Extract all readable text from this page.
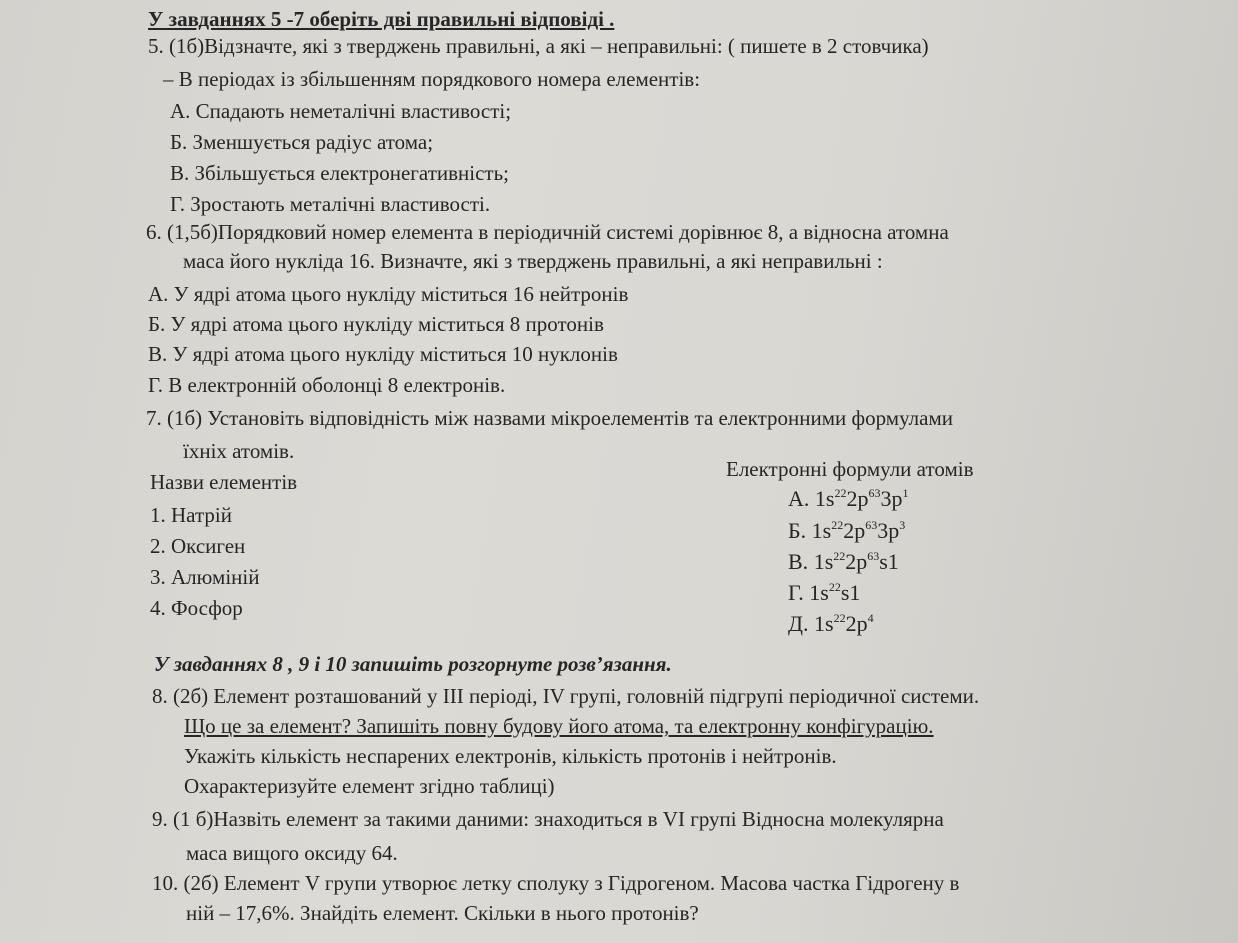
У завданнях 5 -7 оберіть дві правильні відповіді .
5. (1б)Відзначте, які з тверджень правильні, а які – неправильні: ( пишете в 2 стовчика)
– В періодах із збільшенням порядкового номера елементів:
А. Спадають неметалічні властивості;
Б. Зменшується радіус атома;
В. Збільшується електронегативність;
Г. Зростають металічні властивості.
6. (1,5б)Порядковий номер елемента в періодичній системі дорівнює 8, а відносна атомна
маса його нукліда 16. Визначте, які з тверджень правильні, а які неправильні :
А. У ядрі атома цього нукліду міститься 16 нейтронів
Б. У ядрі атома цього нукліду міститься 8 протонів
В. У ядрі атома цього нукліду міститься 10 нуклонів
Г. В електронній оболонці 8 електронів.
7. (1б) Установіть відповідність між назвами мікроелементів та електронними формулами
їхніх атомів.
Назви елементів
Електронні формули атомів
1. Натрій
2. Оксиген
3. Алюміній
4. Фосфор
А. $1s^{22}2p^{63}3p^1$
Б. $1s^{22}2p^{63}3p^3$
В. $1s^{22}2p^{63}s1$
Г. $1s^{22}s1$
Д. $1s^{22}2p^4$
У завданнях 8 , 9 і 10 запишіть розгорнуте розв’язання.
8. (2б) Елемент розташований у III періоді, IV групі, головній підгрупі періодичної системи.
Що це за елемент? Запишіть повну будову його атома, та електронну конфігурацію.
Укажіть кількість неспарених електронів, кількість протонів і нейтронів.
Охарактеризуйте елемент згідно таблиці)
9. (1 б)Назвіть елемент за такими даними: знаходиться в VI групі Відносна молекулярна
маса вищого оксиду 64.
10. (2б) Елемент V групи утворює летку сполуку з Гідрогеном. Масова частка Гідрогену в
ній – 17,6%. Знайдіть елемент. Скільки в нього протонів?
